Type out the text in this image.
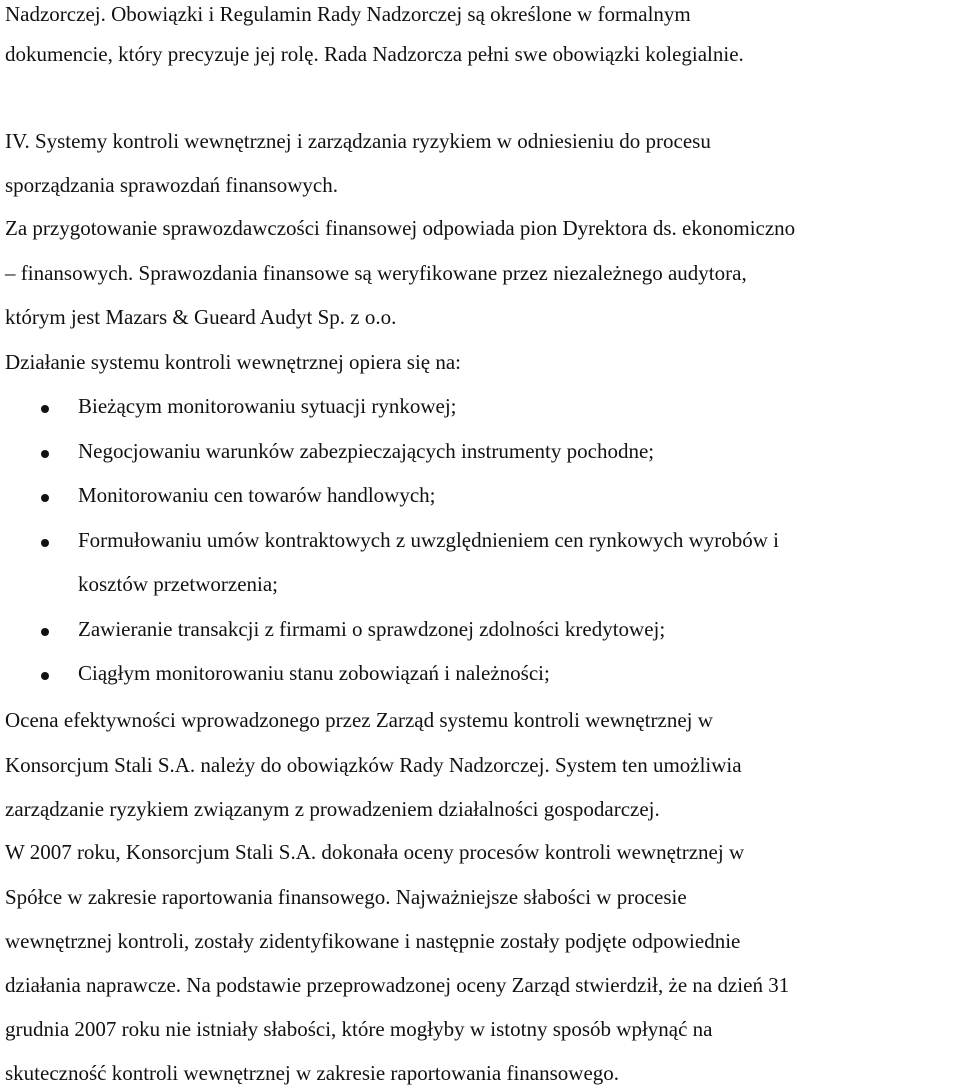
Nadzorczej. Obowiązki i Regulamin Rady Nadzorczej są określone w formalnym
dokumencie, który precyzuje jej rolę. Rada Nadzorcza pełni swe obowiązki kolegialnie.
IV. Systemy kontroli wewnętrznej i zarządzania ryzykiem w odniesieniu do procesu
sporządzania sprawozdań finansowych.
Za przygotowanie sprawozdawczości finansowej odpowiada pion Dyrektora ds. ekonomiczno
– finansowych. Sprawozdania finansowe są weryfikowane przez niezależnego audytora,
którym jest Mazars & Gueard Audyt Sp. z o.o.
Działanie systemu kontroli wewnętrznej opiera się na:
Bieżącym monitorowaniu sytuacji rynkowej;
Negocjowaniu warunków zabezpieczających instrumenty pochodne;
Monitorowaniu cen towarów handlowych;
Formułowaniu umów kontraktowych z uwzględnieniem cen rynkowych wyrobów i
kosztów przetworzenia;
Zawieranie transakcji z firmami o sprawdzonej zdolności kredytowej;
Ciągłym monitorowaniu stanu zobowiązań i należności;
Ocena efektywności wprowadzonego przez Zarząd systemu kontroli wewnętrznej w
Konsorcjum Stali S.A. należy do obowiązków Rady Nadzorczej. System ten umożliwia
zarządzanie ryzykiem związanym z prowadzeniem działalności gospodarczej.
W 2007 roku, Konsorcjum Stali S.A. dokonała oceny procesów kontroli wewnętrznej w
Spółce w zakresie raportowania finansowego. Najważniejsze słabości w procesie
wewnętrznej kontroli, zostały zidentyfikowane i następnie zostały podjęte odpowiednie
działania naprawcze. Na podstawie przeprowadzonej oceny Zarząd stwierdził, że na dzień 31
grudnia 2007 roku nie istniały słabości, które mogłyby w istotny sposób wpłynąć na
skuteczność kontroli wewnętrznej w zakresie raportowania finansowego.
